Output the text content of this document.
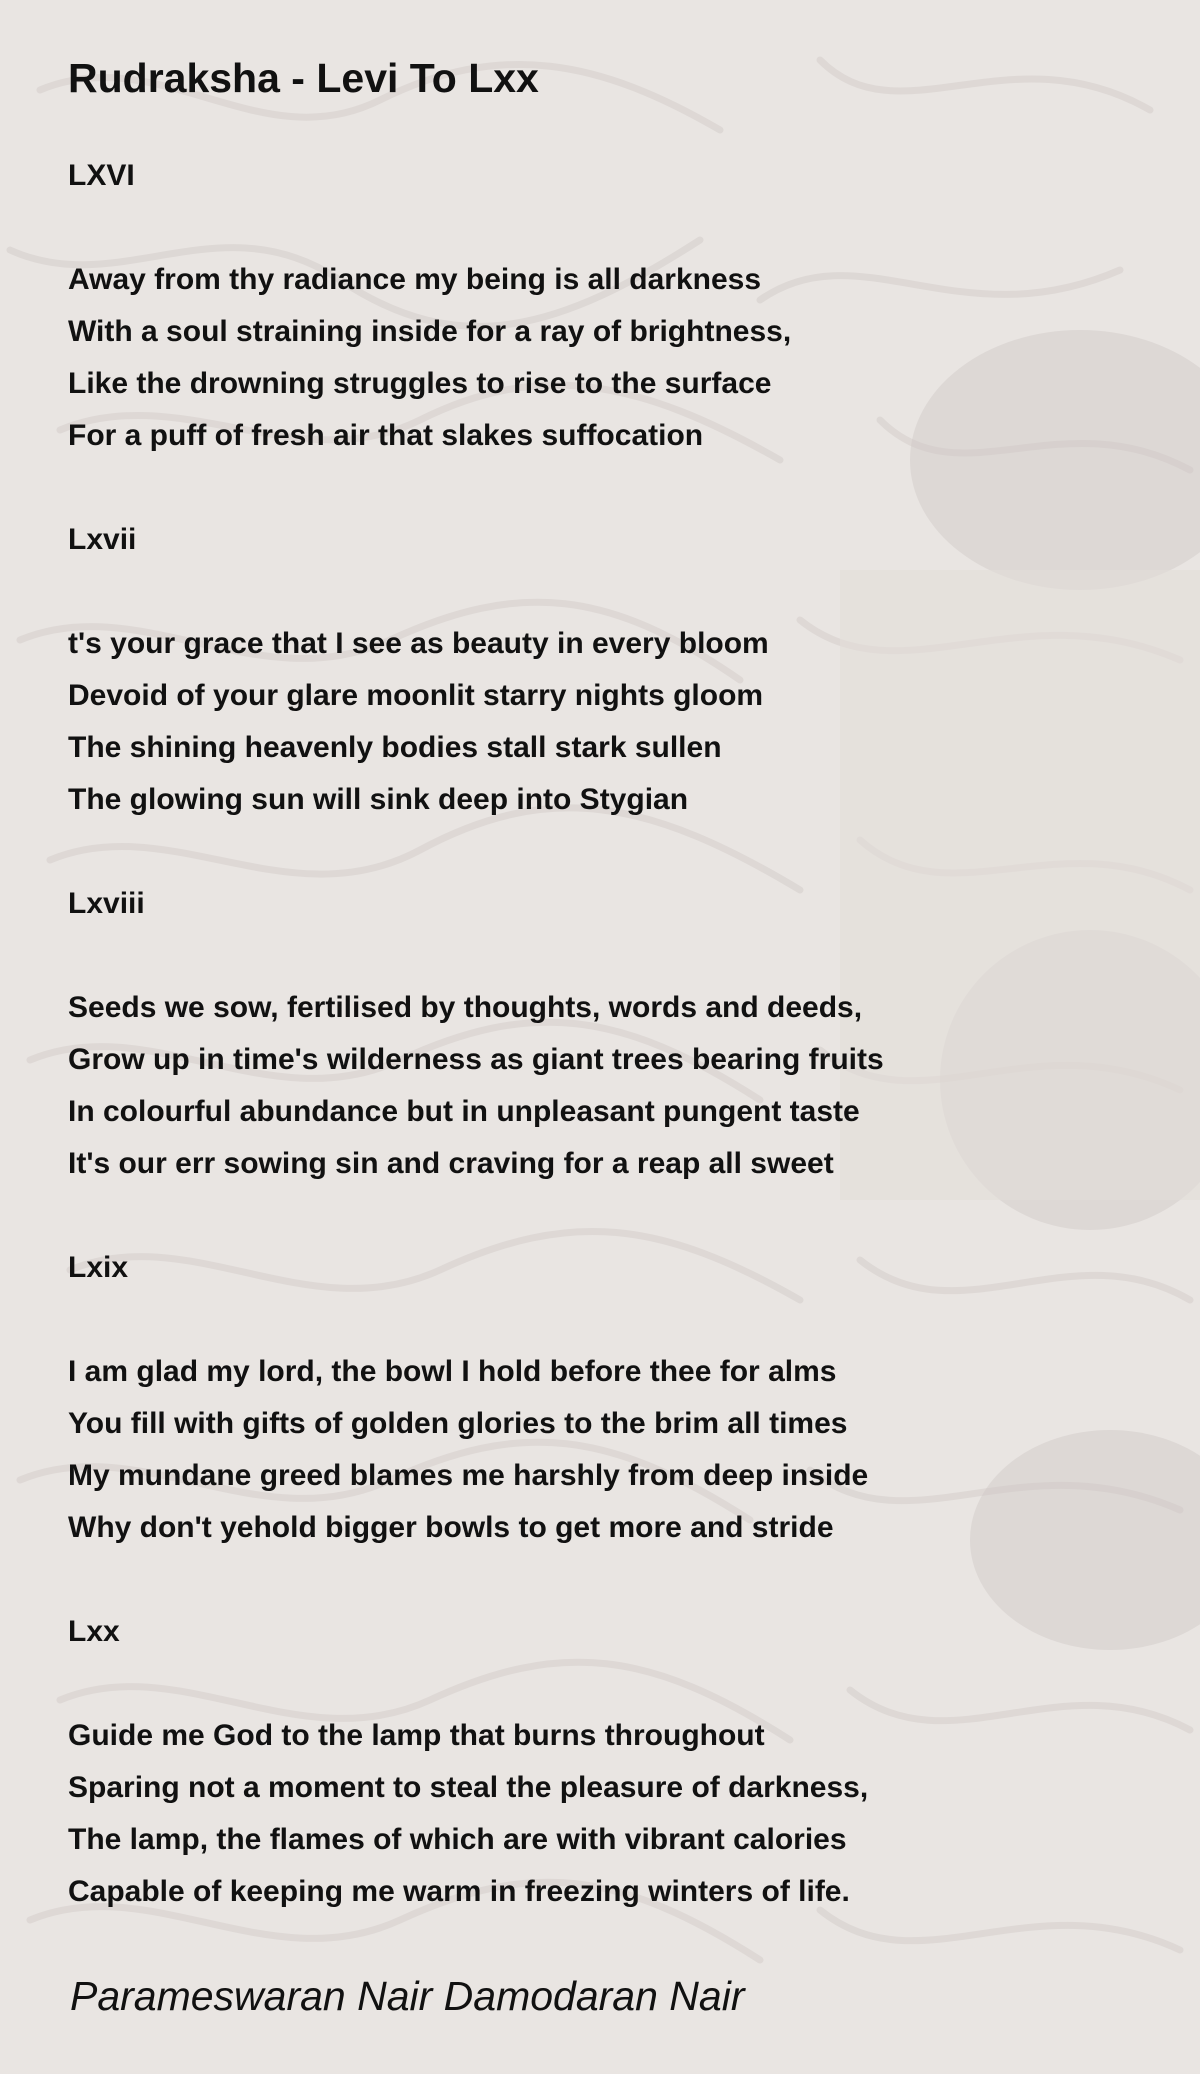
Rudraksha - Levi To Lxx
LXVI
Away from thy radiance my being is all darkness
With a soul straining inside for a ray of brightness,
Like the drowning struggles to rise to the surface
For a puff of fresh air that slakes suffocation
Lxvii
t's your grace that I see as beauty in every bloom
Devoid of your glare moonlit starry nights gloom
The shining heavenly bodies stall stark sullen
The glowing sun will sink deep into Stygian
Lxviii
Seeds we sow, fertilised by thoughts, words and deeds,
Grow up in time's wilderness as giant trees bearing fruits
In colourful abundance but in unpleasant pungent taste
It's our err sowing sin and craving for a reap all sweet
Lxix
I am glad my lord, the bowl I hold before thee for alms
You fill with gifts of golden glories to the brim all times
My mundane greed blames me harshly from deep inside
Why don't yehold bigger bowls to get more and stride
Lxx
Guide me God to the lamp that burns throughout
Sparing not a moment to steal the pleasure of darkness,
The lamp, the flames of which are with vibrant calories
Capable of keeping me warm in freezing winters of life.
Parameswaran Nair Damodaran Nair
